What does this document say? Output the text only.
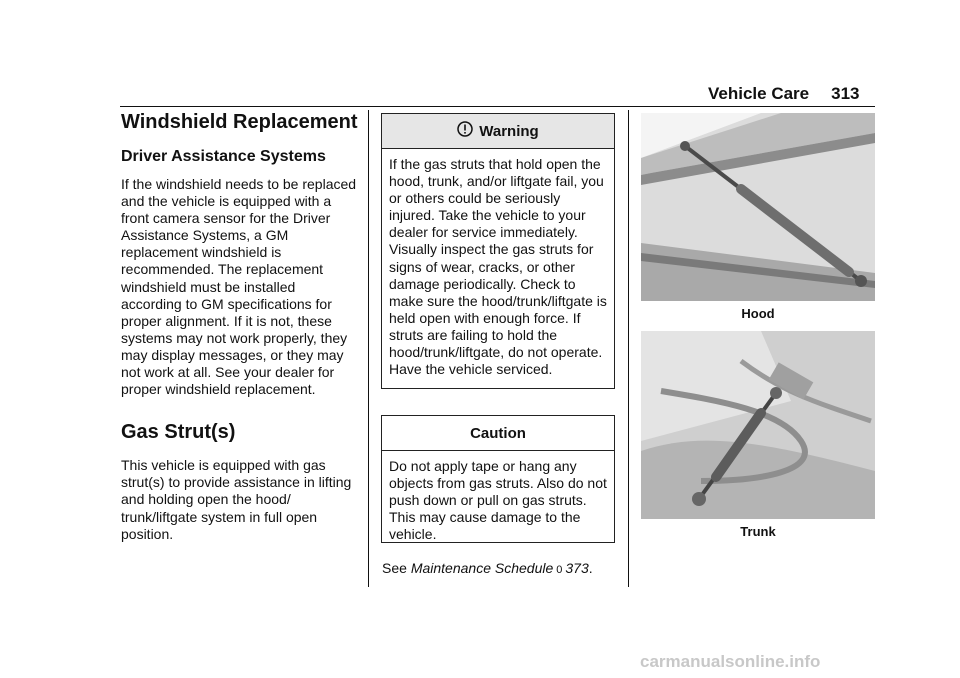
Vehicle Care 313
Windshield Replacement
Driver Assistance Systems

If the windshield needs to be replaced and the vehicle is equipped with a front camera sensor for the Driver Assistance Systems, a GM replacement windshield is recommended. The replacement windshield must be installed according to GM specifications for proper alignment. If it is not, these systems may not work properly, they may display messages, or they may not work at all. See your dealer for proper windshield replacement.

Gas Strut(s)

This vehicle is equipped with gas strut(s) to provide assistance in lifting and holding open the hood/ trunk/liftgate system in full open position.

Warning
If the gas struts that hold open the hood, trunk, and/or liftgate fail, you or others could be seriously injured. Take the vehicle to your dealer for service immediately. Visually inspect the gas struts for signs of wear, cracks, or other damage periodically. Check to make sure the hood/trunk/liftgate is held open with enough force. If struts are failing to hold the hood/trunk/liftgate, do not operate. Have the vehicle serviced.
Caution
Do not apply tape or hang any objects from gas struts. Also do not push down or pull on gas struts. This may cause damage to the vehicle.
See Maintenance Schedule 0 373.
Hood
Trunk
carmanualsonline.info
